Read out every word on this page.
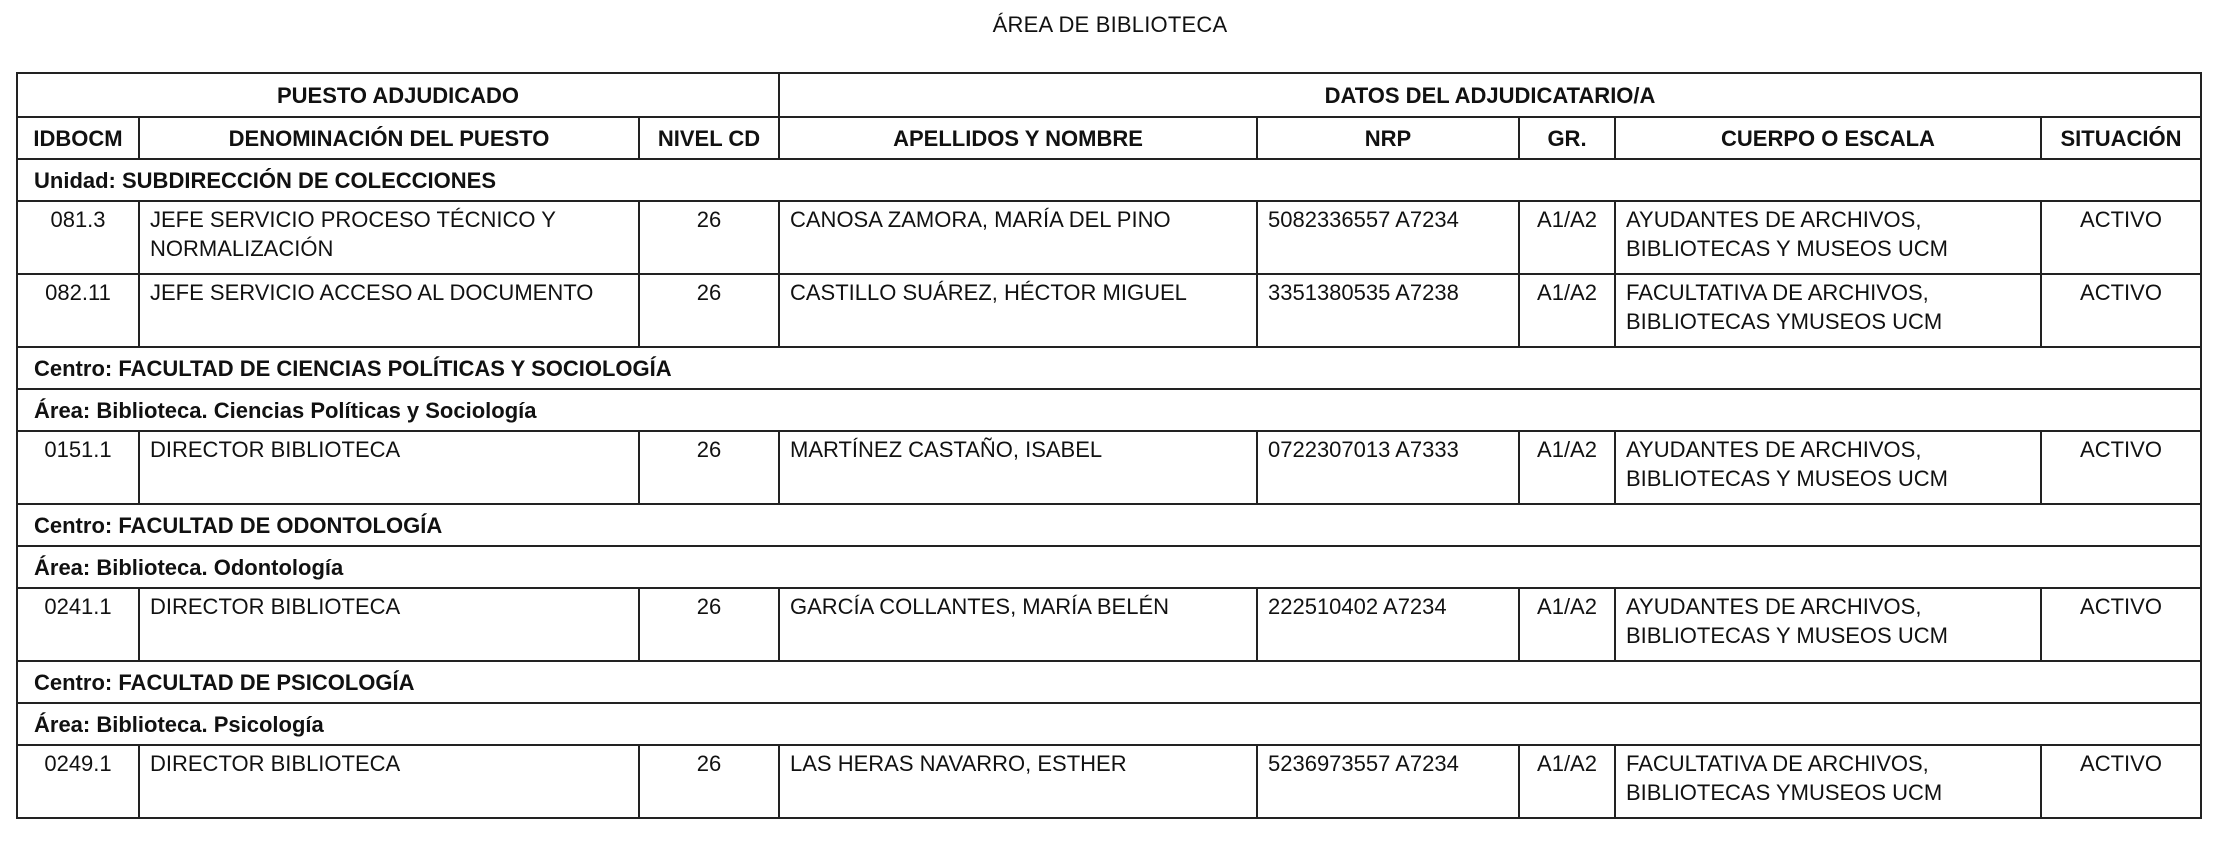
ÁREA DE BIBLIOTECA
PUESTO ADJUDICADO			DATOS DEL ADJUDICATARIO/A				
IDBOCM	DENOMINACIÓN DEL PUESTO	NIVEL CD	APELLIDOS Y NOMBRE	NRP	GR.	CUERPO O ESCALA	SITUACIÓN
Unidad: SUBDIRECCIÓN DE COLECCIONES							
081.3	JEFE SERVICIO PROCESO TÉCNICO Y NORMALIZACIÓN	26	CANOSA ZAMORA, MARÍA DEL PINO	5082336557 A7234	A1/A2	AYUDANTES DE ARCHIVOS, BIBLIOTECAS Y MUSEOS UCM	ACTIVO
082.11	JEFE SERVICIO ACCESO AL DOCUMENTO	26	CASTILLO SUÁREZ, HÉCTOR MIGUEL	3351380535 A7238	A1/A2	FACULTATIVA DE ARCHIVOS, BIBLIOTECAS YMUSEOS UCM	ACTIVO
Centro: FACULTAD DE CIENCIAS POLÍTICAS Y SOCIOLOGÍA							
Área: Biblioteca. Ciencias Políticas y Sociología							
0151.1	DIRECTOR BIBLIOTECA	26	MARTÍNEZ CASTAÑO, ISABEL	0722307013 A7333	A1/A2	AYUDANTES DE ARCHIVOS, BIBLIOTECAS Y MUSEOS UCM	ACTIVO
Centro: FACULTAD DE ODONTOLOGÍA							
Área: Biblioteca. Odontología							
0241.1	DIRECTOR BIBLIOTECA	26	GARCÍA COLLANTES, MARÍA BELÉN	222510402 A7234	A1/A2	AYUDANTES DE ARCHIVOS, BIBLIOTECAS Y MUSEOS UCM	ACTIVO
Centro: FACULTAD DE PSICOLOGÍA							
Área: Biblioteca. Psicología							
0249.1	DIRECTOR BIBLIOTECA	26	LAS HERAS NAVARRO, ESTHER	5236973557 A7234	A1/A2	FACULTATIVA DE ARCHIVOS, BIBLIOTECAS YMUSEOS UCM	ACTIVO
